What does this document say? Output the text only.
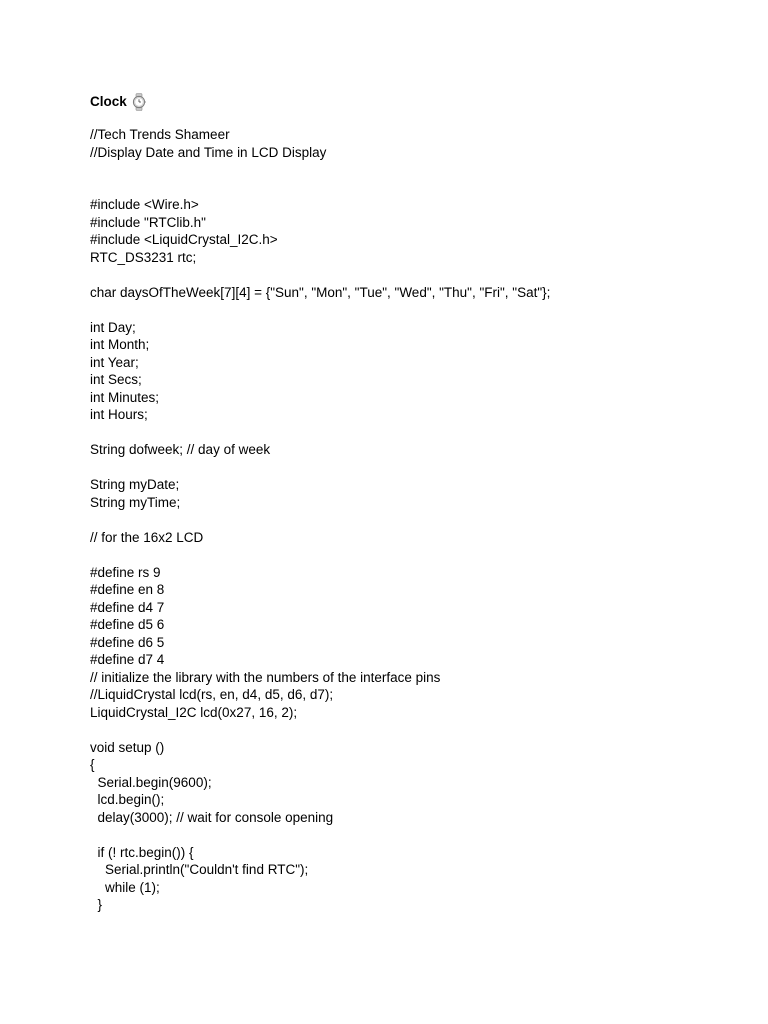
Clock
//Tech Trends Shameer
//Display Date and Time in LCD Display
#include <Wire.h>
#include "RTClib.h"
#include <LiquidCrystal_I2C.h>
RTC_DS3231 rtc;
char daysOfTheWeek[7][4] = {"Sun", "Mon", "Tue", "Wed", "Thu", "Fri", "Sat"};
int Day;
int Month;
int Year;
int Secs;
int Minutes;
int Hours;
String dofweek; // day of week
String myDate;
String myTime;
// for the 16x2 LCD
#define rs 9
#define en 8
#define d4 7
#define d5 6
#define d6 5
#define d7 4
// initialize the library with the numbers of the interface pins
//LiquidCrystal lcd(rs, en, d4, d5, d6, d7);
LiquidCrystal_I2C lcd(0x27, 16, 2);
void setup ()
{
Serial.begin(9600);
lcd.begin();
delay(3000); // wait for console opening
if (! rtc.begin()) {
Serial.println("Couldn't find RTC");
while (1);
}
